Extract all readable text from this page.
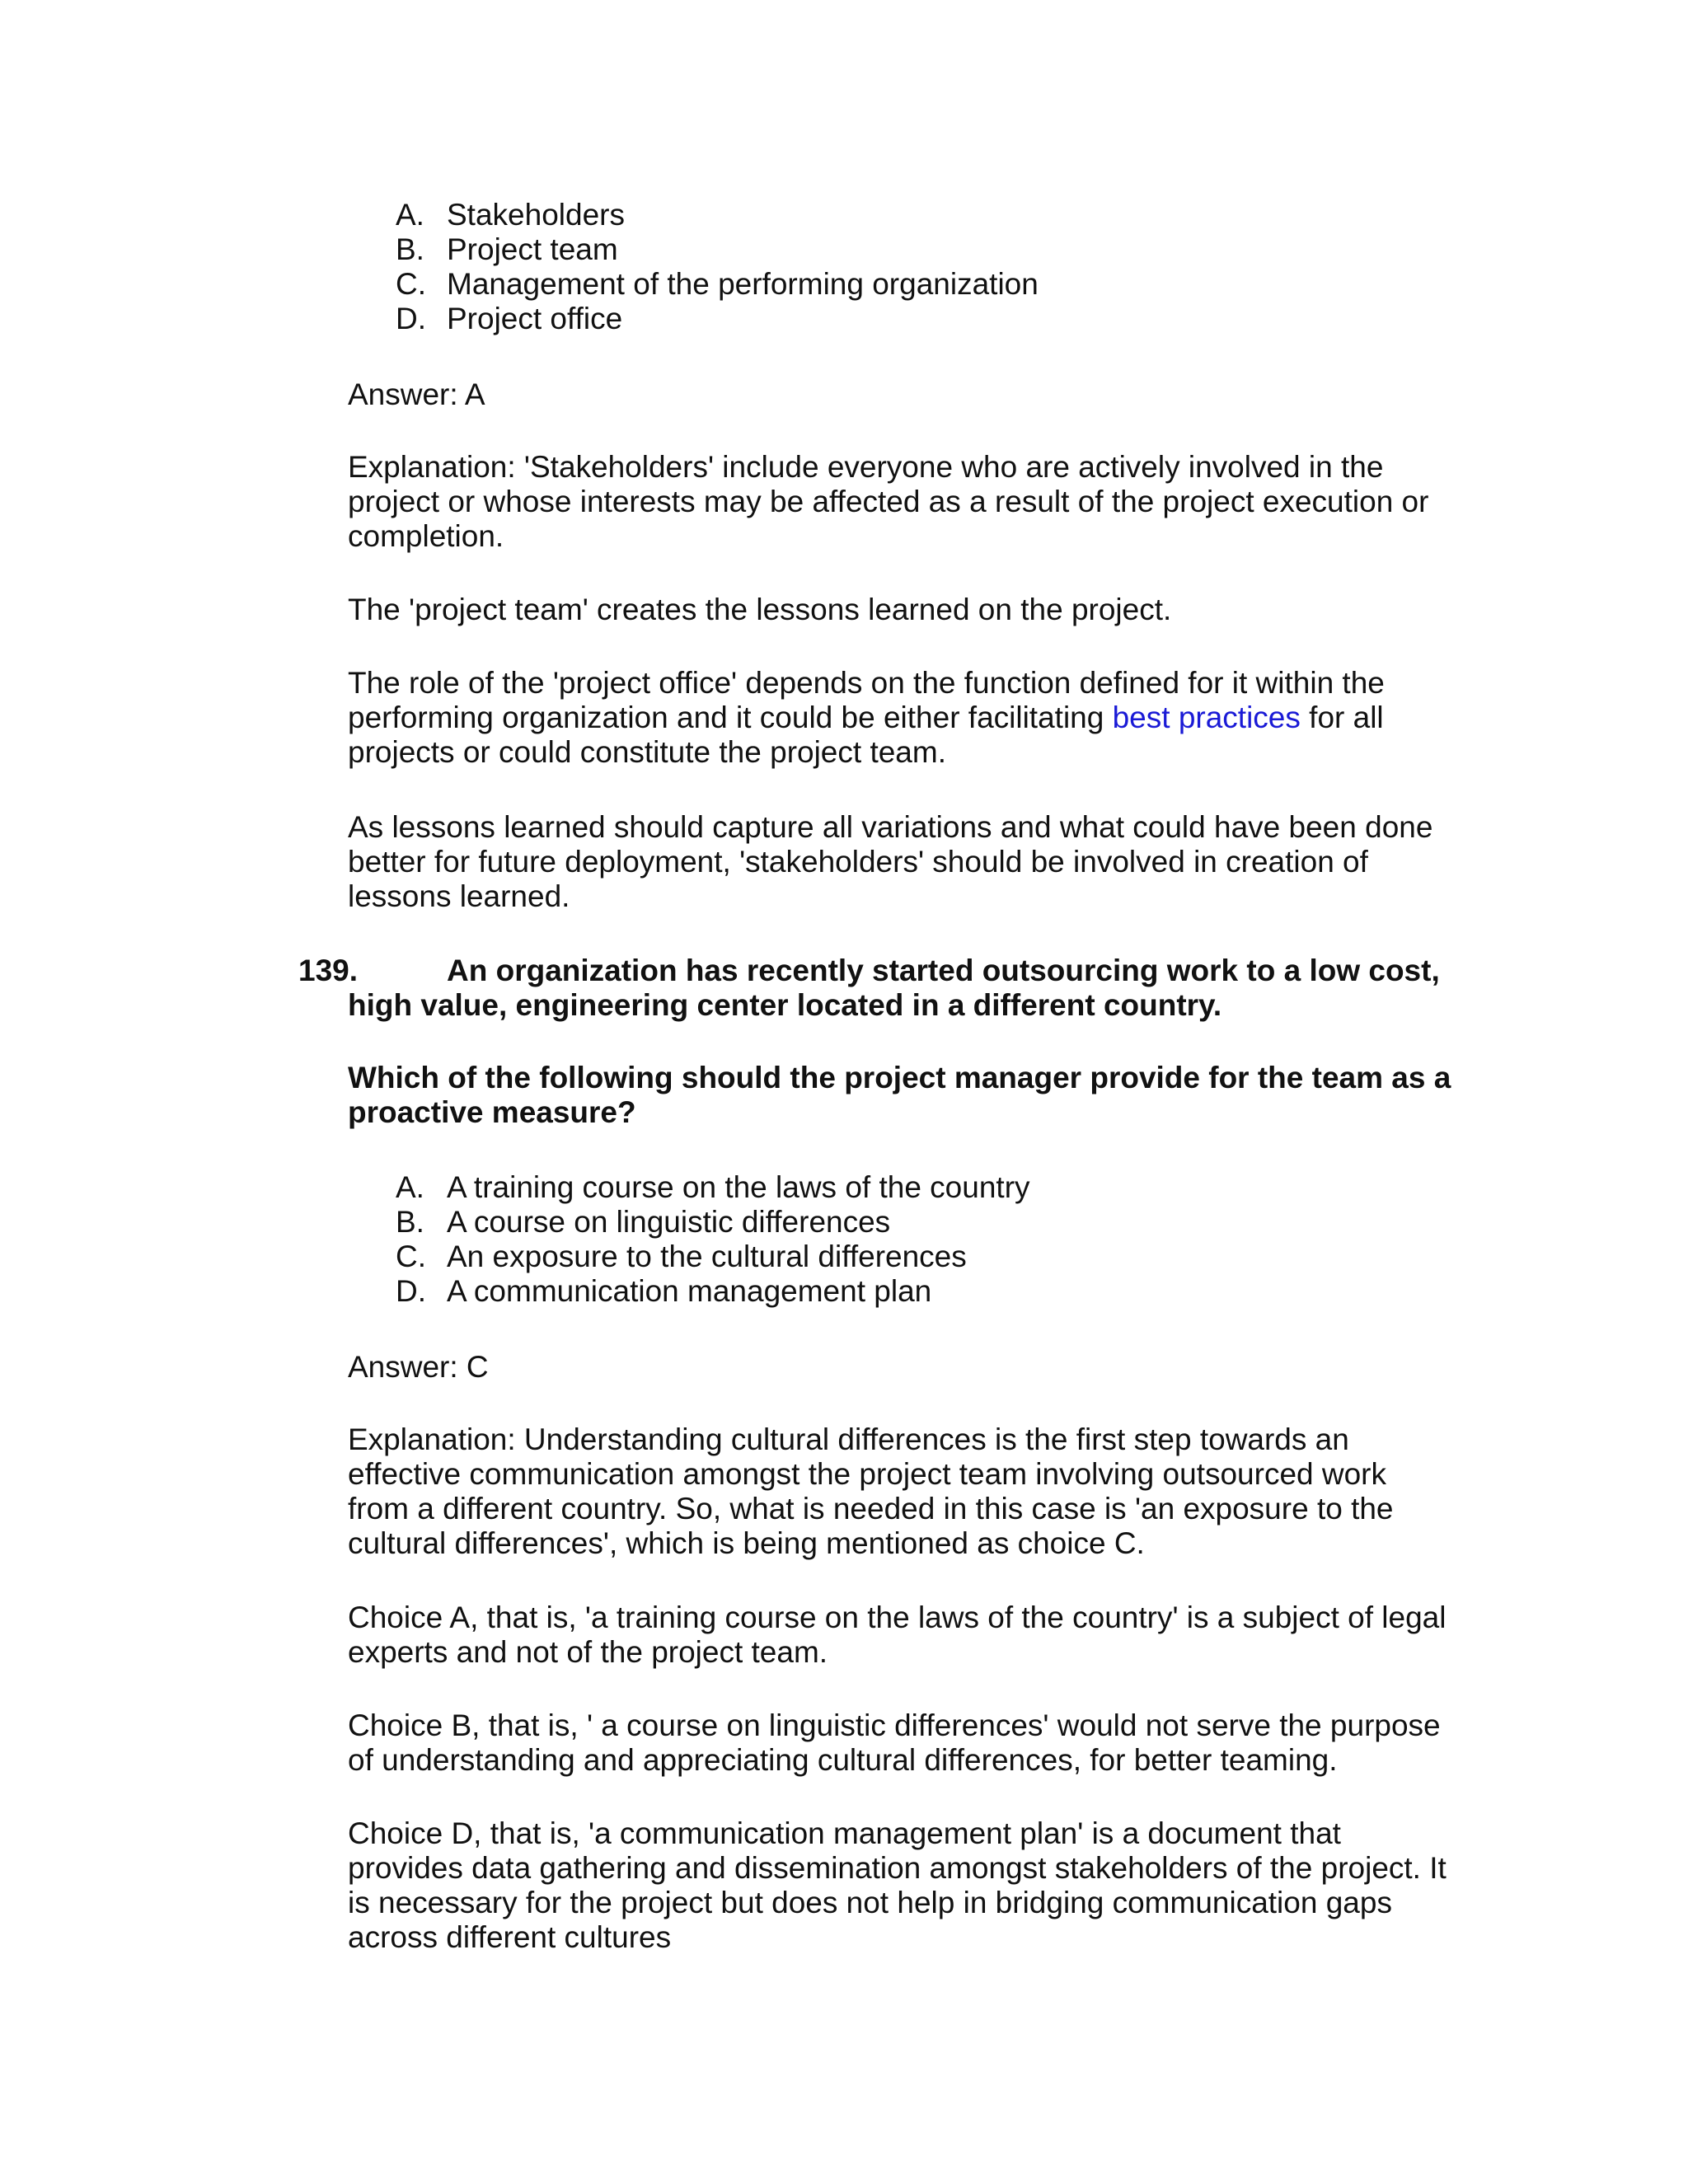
A. Stakeholders
B. Project team
C. Management of the performing organization
D. Project office

Answer: A

Explanation: 'Stakeholders' include everyone who are actively involved in the project or whose interests may be affected as a result of the project execution or completion.

The 'project team' creates the lessons learned on the project.

The role of the 'project office' depends on the function defined for it within the performing organization and it could be either facilitating best practices for all projects or could constitute the project team.

As lessons learned should capture all variations and what could have been done better for future deployment, 'stakeholders' should be involved in creation of lessons learned.

139.	An organization has recently started outsourcing work to a low cost,
high value, engineering center located in a different country.

Which of the following should the project manager provide for the team as a proactive measure?

A. A training course on the laws of the country
B. A course on linguistic differences
C. An exposure to the cultural differences
D. A communication management plan

Answer: C

Explanation: Understanding cultural differences is the first step towards an effective communication amongst the project team involving outsourced work from a different country. So, what is needed in this case is 'an exposure to the cultural differences', which is being mentioned as choice C.

Choice A, that is, 'a training course on the laws of the country' is a subject of legal experts and not of the project team.

Choice B, that is, ' a course on linguistic differences' would not serve the purpose of understanding and appreciating cultural differences, for better teaming.

Choice D, that is, 'a communication management plan' is a document that provides data gathering and dissemination amongst stakeholders of the project. It is necessary for the project but does not help in bridging communication gaps across different cultures
